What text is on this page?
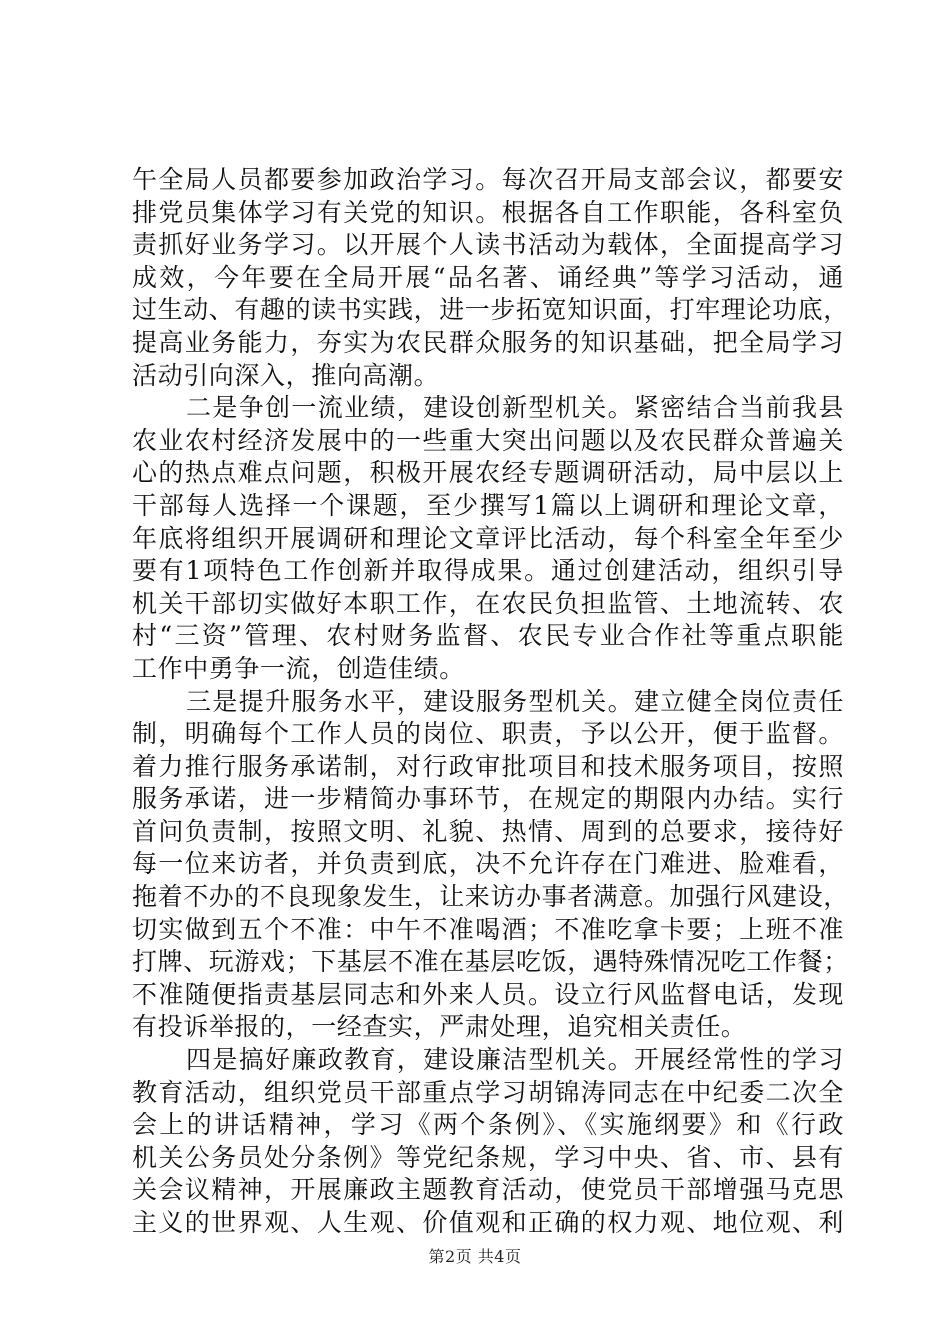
午全局人员都要参加政治学习。每次召开局支部会议，都要安
排党员集体学习有关党的知识。根据各自工作职能，各科室负
责抓好业务学习。以开展个人读书活动为载体，全面提高学习
成效，今年要在全局开展“品名著、诵经典”等学习活动，通
过生动、有趣的读书实践，进一步拓宽知识面，打牢理论功底，
提高业务能力，夯实为农民群众服务的知识基础，把全局学习
活动引向深入，推向高潮。
二是争创一流业绩，建设创新型机关。紧密结合当前我县
农业农村经济发展中的一些重大突出问题以及农民群众普遍关
心的热点难点问题，积极开展农经专题调研活动，局中层以上
干部每人选择一个课题，至少撰写1篇以上调研和理论文章，
年底将组织开展调研和理论文章评比活动，每个科室全年至少
要有1项特色工作创新并取得成果。通过创建活动，组织引导
机关干部切实做好本职工作，在农民负担监管、土地流转、农
村“三资”管理、农村财务监督、农民专业合作社等重点职能
工作中勇争一流，创造佳绩。
三是提升服务水平，建设服务型机关。建立健全岗位责任
制，明确每个工作人员的岗位、职责，予以公开，便于监督。
着力推行服务承诺制，对行政审批项目和技术服务项目，按照
服务承诺，进一步精简办事环节，在规定的期限内办结。实行
首问负责制，按照文明、礼貌、热情、周到的总要求，接待好
每一位来访者，并负责到底，决不允许存在门难进、脸难看，
拖着不办的不良现象发生，让来访办事者满意。加强行风建设，
切实做到五个不准：中午不准喝酒；不准吃拿卡要；上班不准
打牌、玩游戏；下基层不准在基层吃饭，遇特殊情况吃工作餐；
不准随便指责基层同志和外来人员。设立行风监督电话，发现
有投诉举报的，一经查实，严肃处理，追究相关责任。
四是搞好廉政教育，建设廉洁型机关。开展经常性的学习
教育活动，组织党员干部重点学习胡锦涛同志在中纪委二次全
会上的讲话精神，学习《两个条例》、《实施纲要》和《行政
机关公务员处分条例》等党纪条规，学习中央、省、市、县有
关会议精神，开展廉政主题教育活动，使党员干部增强马克思
主义的世界观、人生观、价值观和正确的权力观、地位观、利
第2页 共4页
